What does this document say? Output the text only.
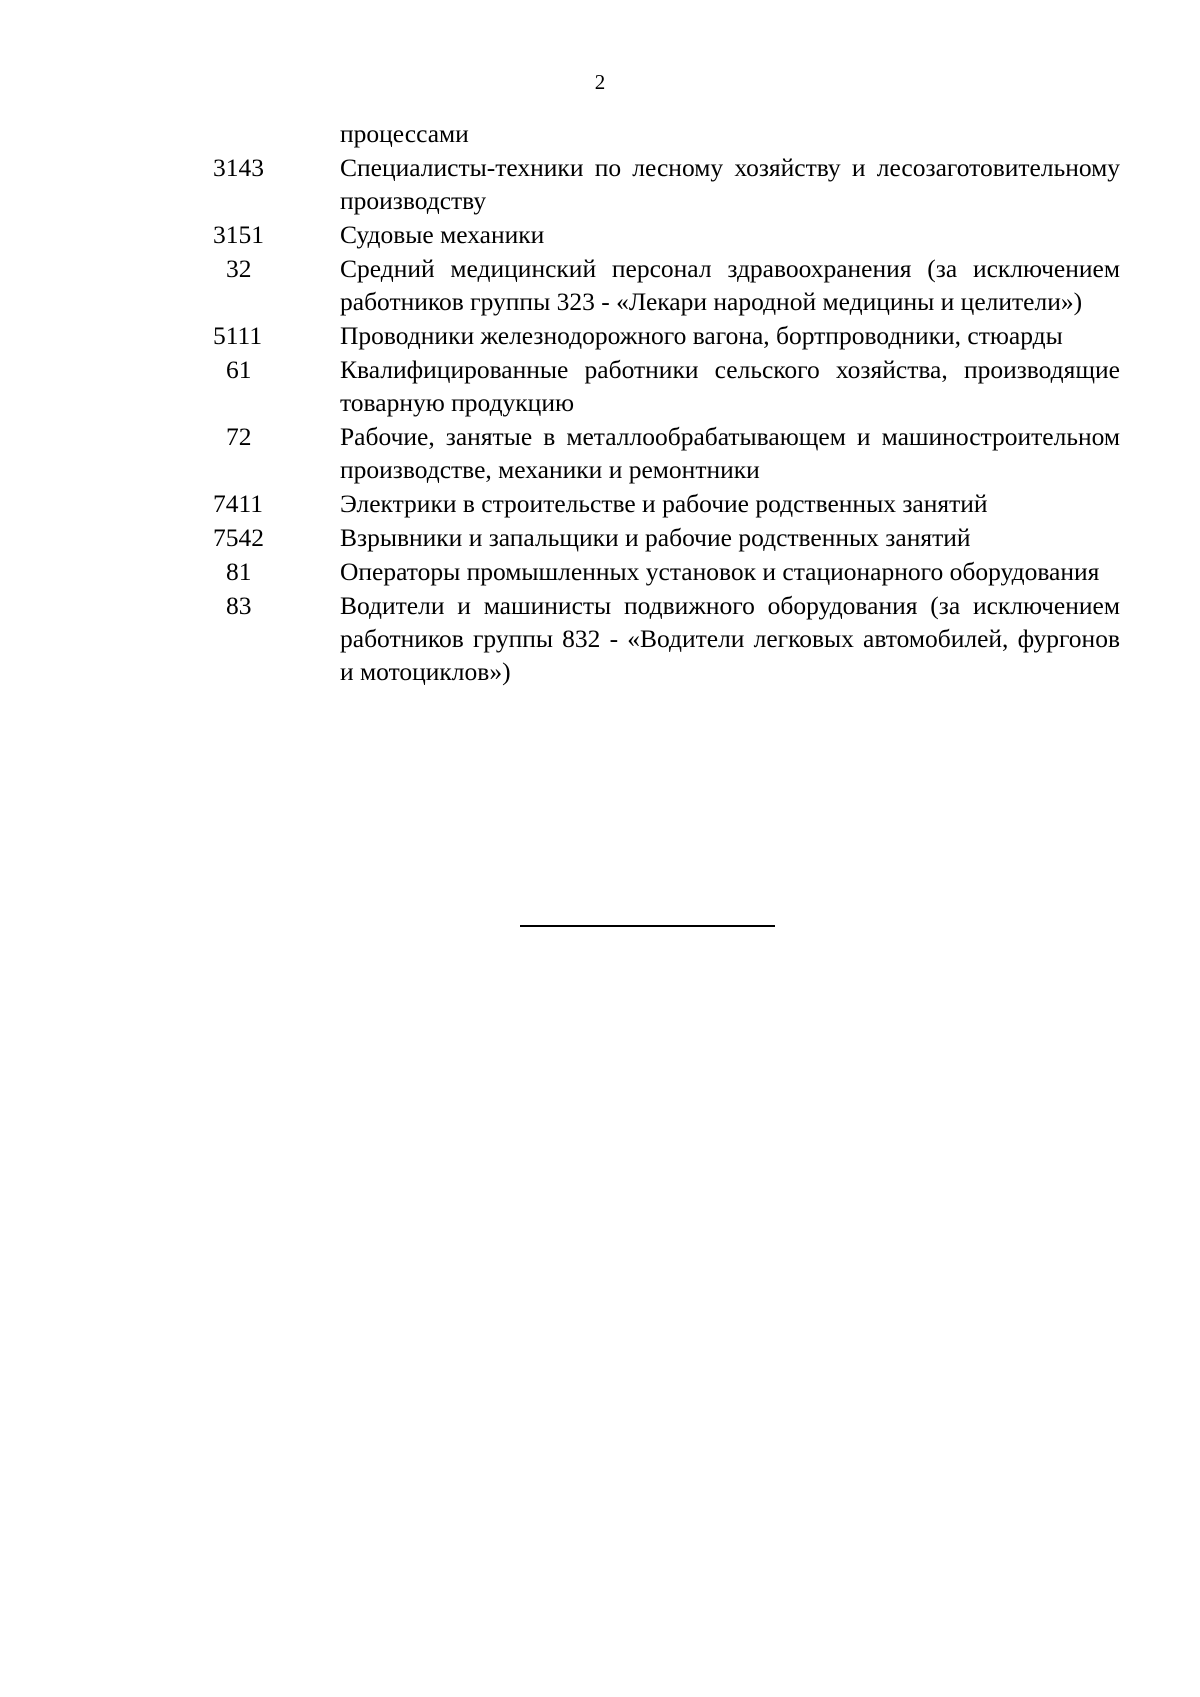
2
процессами
3143	Специалисты-техники по лесному хозяйству и лесозаготовительному производству
3151	Судовые механики
32	Средний медицинский персонал здравоохранения (за исключением работников группы 323 - «Лекари народной медицины и целители»)
5111	Проводники железнодорожного вагона, бортпроводники, стюарды
61	Квалифицированные работники сельского хозяйства, производящие товарную продукцию
72	Рабочие, занятые в металлообрабатывающем и машиностроительном производстве, механики и ремонтники
7411	Электрики в строительстве и рабочие родственных занятий
7542	Взрывники и запальщики и рабочие родственных занятий
81	Операторы промышленных установок и стационарного оборудования
83	Водители и машинисты подвижного оборудования (за исключением работников группы 832 - «Водители легковых автомобилей, фургонов и мотоциклов»)
